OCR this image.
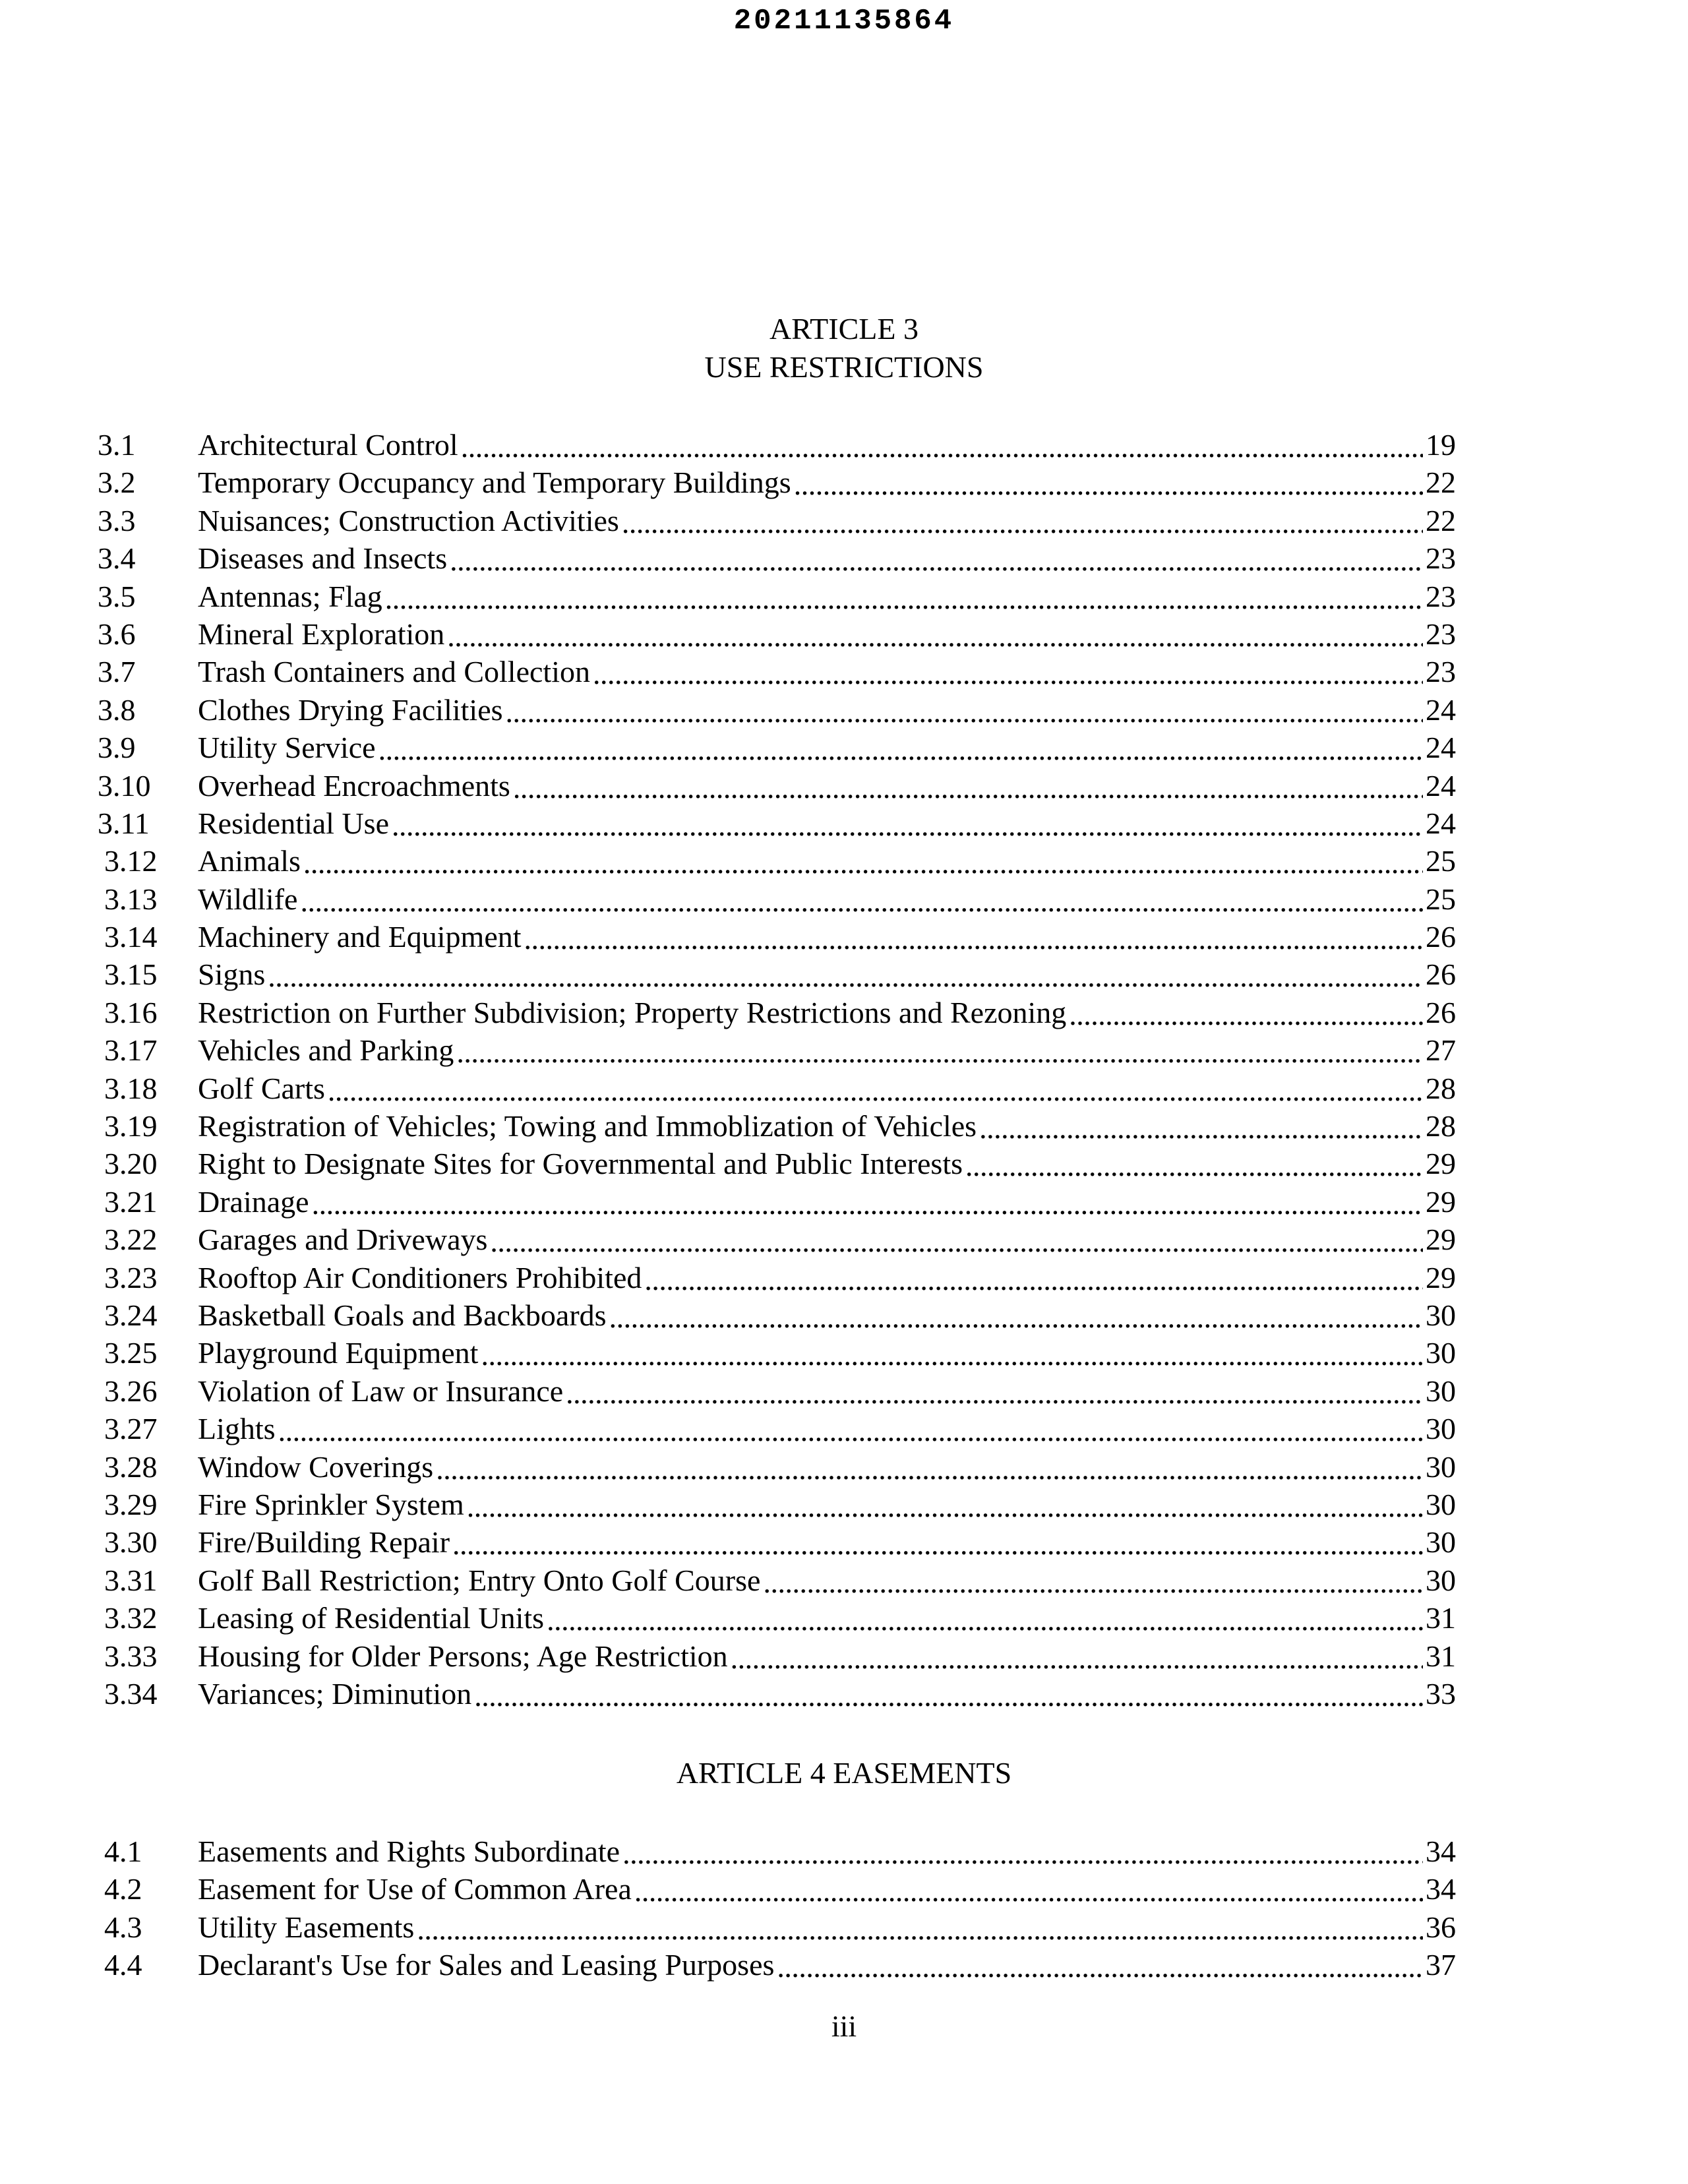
20211135864
ARTICLE 3
USE RESTRICTIONS
3.1 Architectural Control . . .	19
3.2 Temporary Occupancy and Temporary Buildings . . .	22
3.3 Nuisances; Construction Activities . . .	22
3.4 Diseases and Insects . . .	23
3.5 Antennas; Flag . . .	23
3.6 Mineral Exploration . . .	23
3.7 Trash Containers and Collection . . .	23
3.8 Clothes Drying Facilities . . .	24
3.9 Utility Service . . .	24
3.10 Overhead Encroachments . . .	24
3.11 Residential Use . . .	24
3.12 Animals . . .	25
3.13 Wildlife . . .	25
3.14 Machinery and Equipment . . .	26
3.15 Signs . . .	26
3.16 Restriction on Further Subdivision; Property Restrictions and Rezoning . . .	26
3.17 Vehicles and Parking . . .	27
3.18 Golf Carts . . .	28
3.19 Registration of Vehicles; Towing and Immoblization of Vehicles . . .	28
3.20 Right to Designate Sites for Governmental and Public Interests . . .	29
3.21 Drainage . . .	29
3.22 Garages and Driveways . . .	29
3.23 Rooftop Air Conditioners Prohibited . . .	29
3.24 Basketball Goals and Backboards . . .	30
3.25 Playground Equipment . . .	30
3.26 Violation of Law or Insurance . . .	30
3.27 Lights . . .	30
3.28 Window Coverings . . .	30
3.29 Fire Sprinkler System . . .	30
3.30 Fire/Building Repair . . .	30
3.31 Golf Ball Restriction; Entry Onto Golf Course . . .	30
3.32 Leasing of Residential Units . . .	31
3.33 Housing for Older Persons; Age Restriction . . .	31
3.34 Variances; Diminution . . .	33
ARTICLE 4 EASEMENTS
4.1 Easements and Rights Subordinate . . .	34
4.2 Easement for Use of Common Area . . .	34
4.3 Utility Easements . . .	36
4.4 Declarant's Use for Sales and Leasing Purposes . . .	37
iii
